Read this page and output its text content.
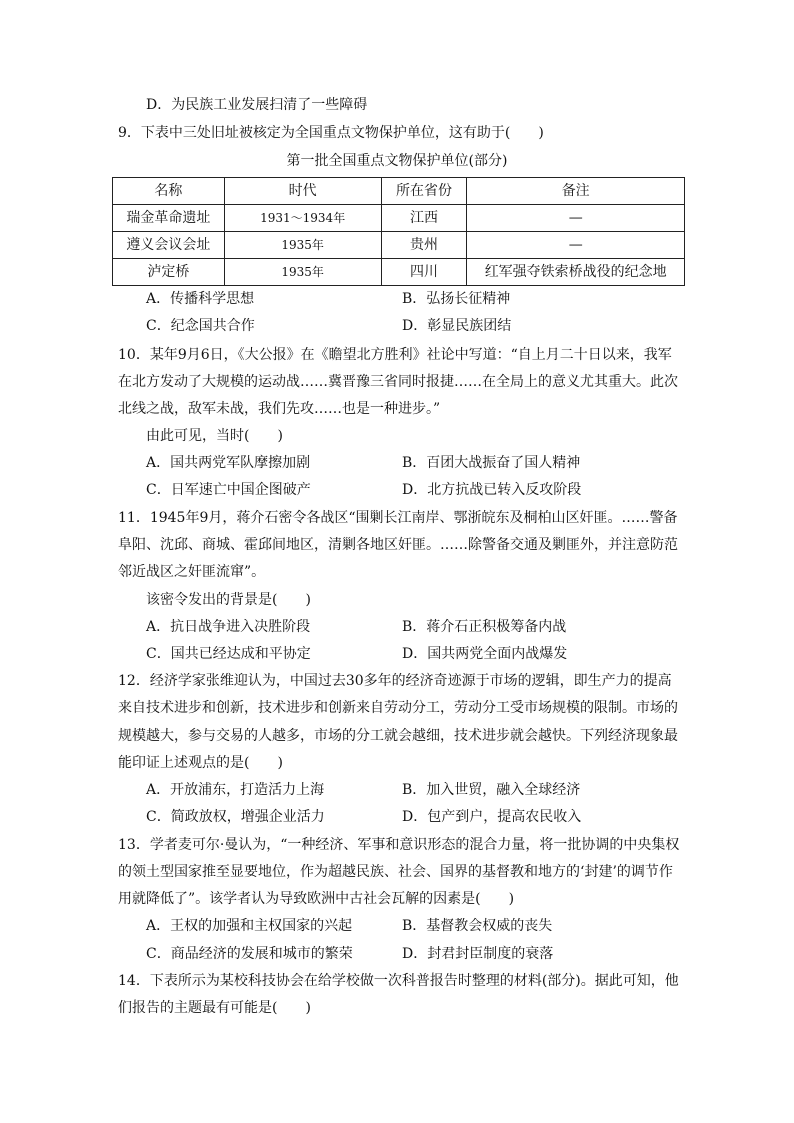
D．为民族工业发展扫清了一些障碍
9．下表中三处旧址被核定为全国重点文物保护单位，这有助于(　　)
第一批全国重点文物保护单位(部分)
名称	时代	所在省份	备注
瑞金革命遗址	1931～1934年	江西	—
遵义会议会址	1935年	贵州	—
泸定桥	1935年	四川	红军强夺铁索桥战役的纪念地
A．传播科学思想	B．弘扬长征精神
C．纪念国共合作	D．彰显民族团结
10．某年9月6日，《大公报》在《瞻望北方胜利》社论中写道：“自上月二十日以来，我军
在北方发动了大规模的运动战……冀晋豫三省同时报捷……在全局上的意义尤其重大。此次
北线之战，敌军未战，我们先攻……也是一种进步。”
由此可见，当时(　　)
A．国共两党军队摩擦加剧	B．百团大战振奋了国人精神
C．日军速亡中国企图破产	D．北方抗战已转入反攻阶段
11．1945年9月，蒋介石密令各战区“围剿长江南岸、鄂浙皖东及桐柏山区奸匪。……警备
阜阳、沈邱、商城、霍邱间地区，清剿各地区奸匪。……除警备交通及剿匪外，并注意防范
邻近战区之奸匪流窜”。
该密令发出的背景是(　　)
A．抗日战争进入决胜阶段	B．蒋介石正积极筹备内战
C．国共已经达成和平协定	D．国共两党全面内战爆发
12．经济学家张维迎认为，中国过去30多年的经济奇迹源于市场的逻辑，即生产力的提高
来自技术进步和创新，技术进步和创新来自劳动分工，劳动分工受市场规模的限制。市场的
规模越大，参与交易的人越多，市场的分工就会越细，技术进步就会越快。下列经济现象最
能印证上述观点的是(　　)
A．开放浦东，打造活力上海	B．加入世贸，融入全球经济
C．简政放权，增强企业活力	D．包产到户，提高农民收入
13．学者麦可尔·曼认为，“一种经济、军事和意识形态的混合力量，将一批协调的中央集权
的领土型国家推至显要地位，作为超越民族、社会、国界的基督教和地方的‘封建’的调节作
用就降低了”。该学者认为导致欧洲中古社会瓦解的因素是(　　)
A．王权的加强和主权国家的兴起	B．基督教会权威的丧失
C．商品经济的发展和城市的繁荣	D．封君封臣制度的衰落
14．下表所示为某校科技协会在给学校做一次科普报告时整理的材料(部分)。据此可知，他
们报告的主题最有可能是(　　)
